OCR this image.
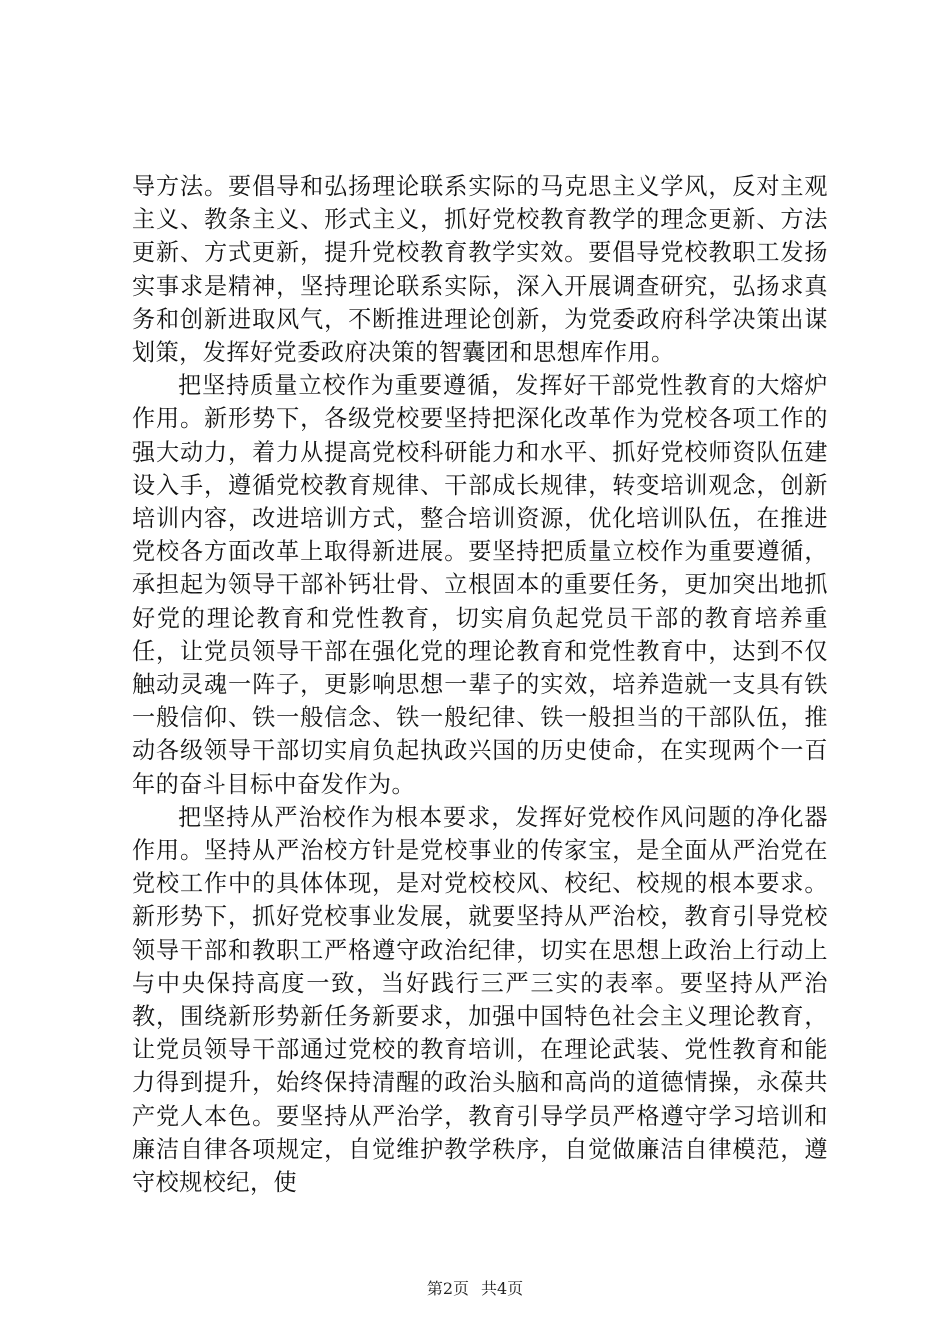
导方法。要倡导和弘扬理论联系实际的马克思主义学风，反对主观主义、教条主义、形式主义，抓好党校教育教学的理念更新、方法更新、方式更新，提升党校教育教学实效。要倡导党校教职工发扬实事求是精神，坚持理论联系实际，深入开展调查研究，弘扬求真务和创新进取风气，不断推进理论创新，为党委政府科学决策出谋划策，发挥好党委政府决策的智囊团和思想库作用。

把坚持质量立校作为重要遵循，发挥好干部党性教育的大熔炉作用。新形势下，各级党校要坚持把深化改革作为党校各项工作的强大动力，着力从提高党校科研能力和水平、抓好党校师资队伍建设入手，遵循党校教育规律、干部成长规律，转变培训观念，创新培训内容，改进培训方式，整合培训资源，优化培训队伍，在推进党校各方面改革上取得新进展。要坚持把质量立校作为重要遵循，承担起为领导干部补钙壮骨、立根固本的重要任务，更加突出地抓好党的理论教育和党性教育，切实肩负起党员干部的教育培养重任，让党员领导干部在强化党的理论教育和党性教育中，达到不仅触动灵魂一阵子，更影响思想一辈子的实效，培养造就一支具有铁一般信仰、铁一般信念、铁一般纪律、铁一般担当的干部队伍，推动各级领导干部切实肩负起执政兴国的历史使命，在实现两个一百年的奋斗目标中奋发作为。

把坚持从严治校作为根本要求，发挥好党校作风问题的净化器作用。坚持从严治校方针是党校事业的传家宝，是全面从严治党在党校工作中的具体体现，是对党校校风、校纪、校规的根本要求。新形势下，抓好党校事业发展，就要坚持从严治校，教育引导党校领导干部和教职工严格遵守政治纪律，切实在思想上政治上行动上与中央保持高度一致，当好践行三严三实的表率。要坚持从严治教，围绕新形势新任务新要求，加强中国特色社会主义理论教育，让党员领导干部通过党校的教育培训，在理论武装、党性教育和能力得到提升，始终保持清醒的政治头脑和高尚的道德情操，永葆共产党人本色。要坚持从严治学，教育引导学员严格遵守学习培训和廉洁自律各项规定，自觉维护教学秩序，自觉做廉洁自律模范，遵守校规校纪，使

第2页 共4页
